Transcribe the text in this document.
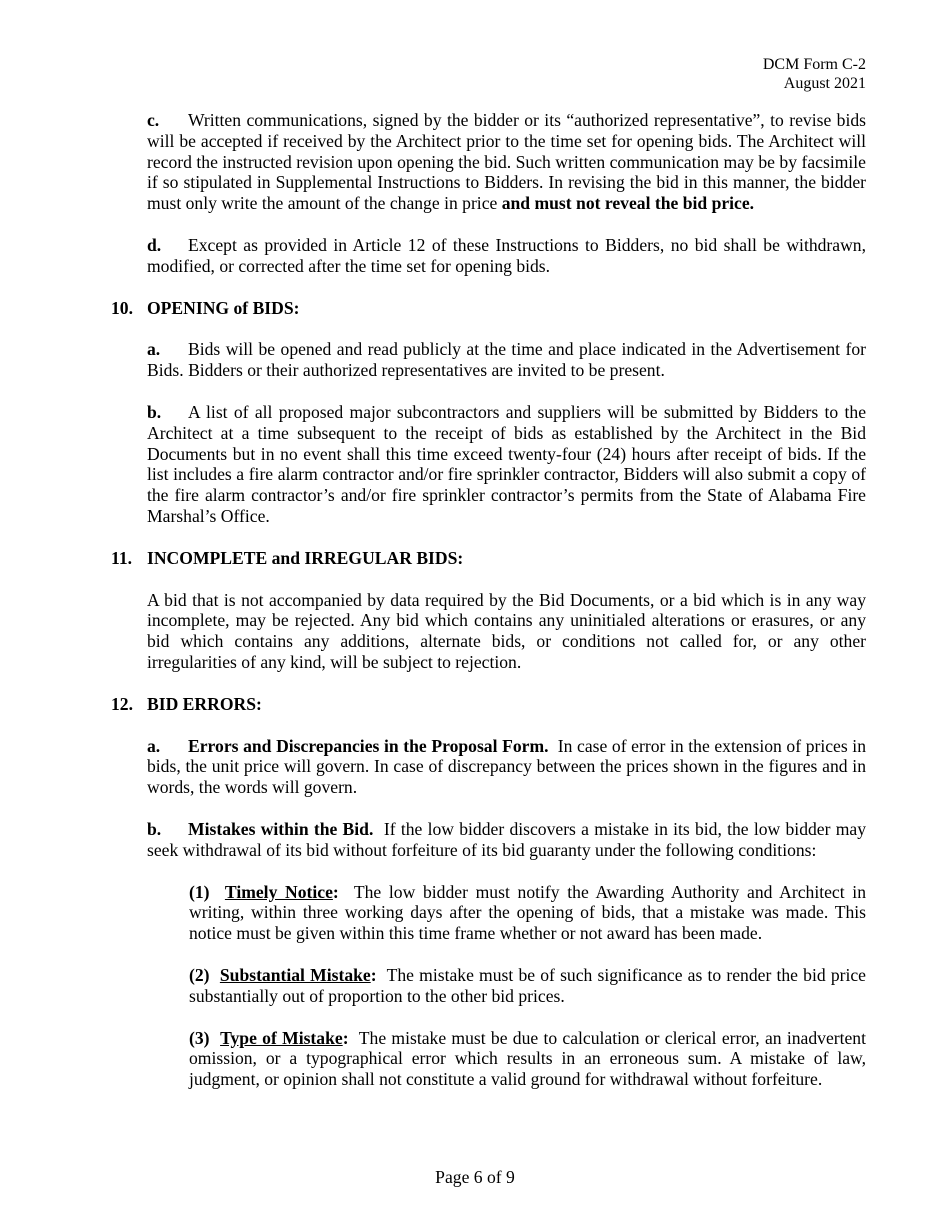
DCM Form C-2
August 2021

c. Written communications, signed by the bidder or its “authorized representative”, to revise bids will be accepted if received by the Architect prior to the time set for opening bids. The Architect will record the instructed revision upon opening the bid. Such written communication may be by facsimile if so stipulated in Supplemental Instructions to Bidders. In revising the bid in this manner, the bidder must only write the amount of the change in price and must not reveal the bid price.

d. Except as provided in Article 12 of these Instructions to Bidders, no bid shall be withdrawn, modified, or corrected after the time set for opening bids.

10. OPENING of BIDS:

a. Bids will be opened and read publicly at the time and place indicated in the Advertisement for Bids. Bidders or their authorized representatives are invited to be present.

b. A list of all proposed major subcontractors and suppliers will be submitted by Bidders to the Architect at a time subsequent to the receipt of bids as established by the Architect in the Bid Documents but in no event shall this time exceed twenty-four (24) hours after receipt of bids. If the list includes a fire alarm contractor and/or fire sprinkler contractor, Bidders will also submit a copy of the fire alarm contractor’s and/or fire sprinkler contractor’s permits from the State of Alabama Fire Marshal’s Office.

11. INCOMPLETE and IRREGULAR BIDS:

A bid that is not accompanied by data required by the Bid Documents, or a bid which is in any way incomplete, may be rejected. Any bid which contains any uninitialed alterations or erasures, or any bid which contains any additions, alternate bids, or conditions not called for, or any other irregularities of any kind, will be subject to rejection.

12. BID ERRORS:

a. Errors and Discrepancies in the Proposal Form. In case of error in the extension of prices in bids, the unit price will govern. In case of discrepancy between the prices shown in the figures and in words, the words will govern.

b. Mistakes within the Bid. If the low bidder discovers a mistake in its bid, the low bidder may seek withdrawal of its bid without forfeiture of its bid guaranty under the following conditions:

(1) Timely Notice: The low bidder must notify the Awarding Authority and Architect in writing, within three working days after the opening of bids, that a mistake was made. This notice must be given within this time frame whether or not award has been made.

(2) Substantial Mistake: The mistake must be of such significance as to render the bid price substantially out of proportion to the other bid prices.

(3) Type of Mistake: The mistake must be due to calculation or clerical error, an inadvertent omission, or a typographical error which results in an erroneous sum. A mistake of law, judgment, or opinion shall not constitute a valid ground for withdrawal without forfeiture.

Page 6 of 9
